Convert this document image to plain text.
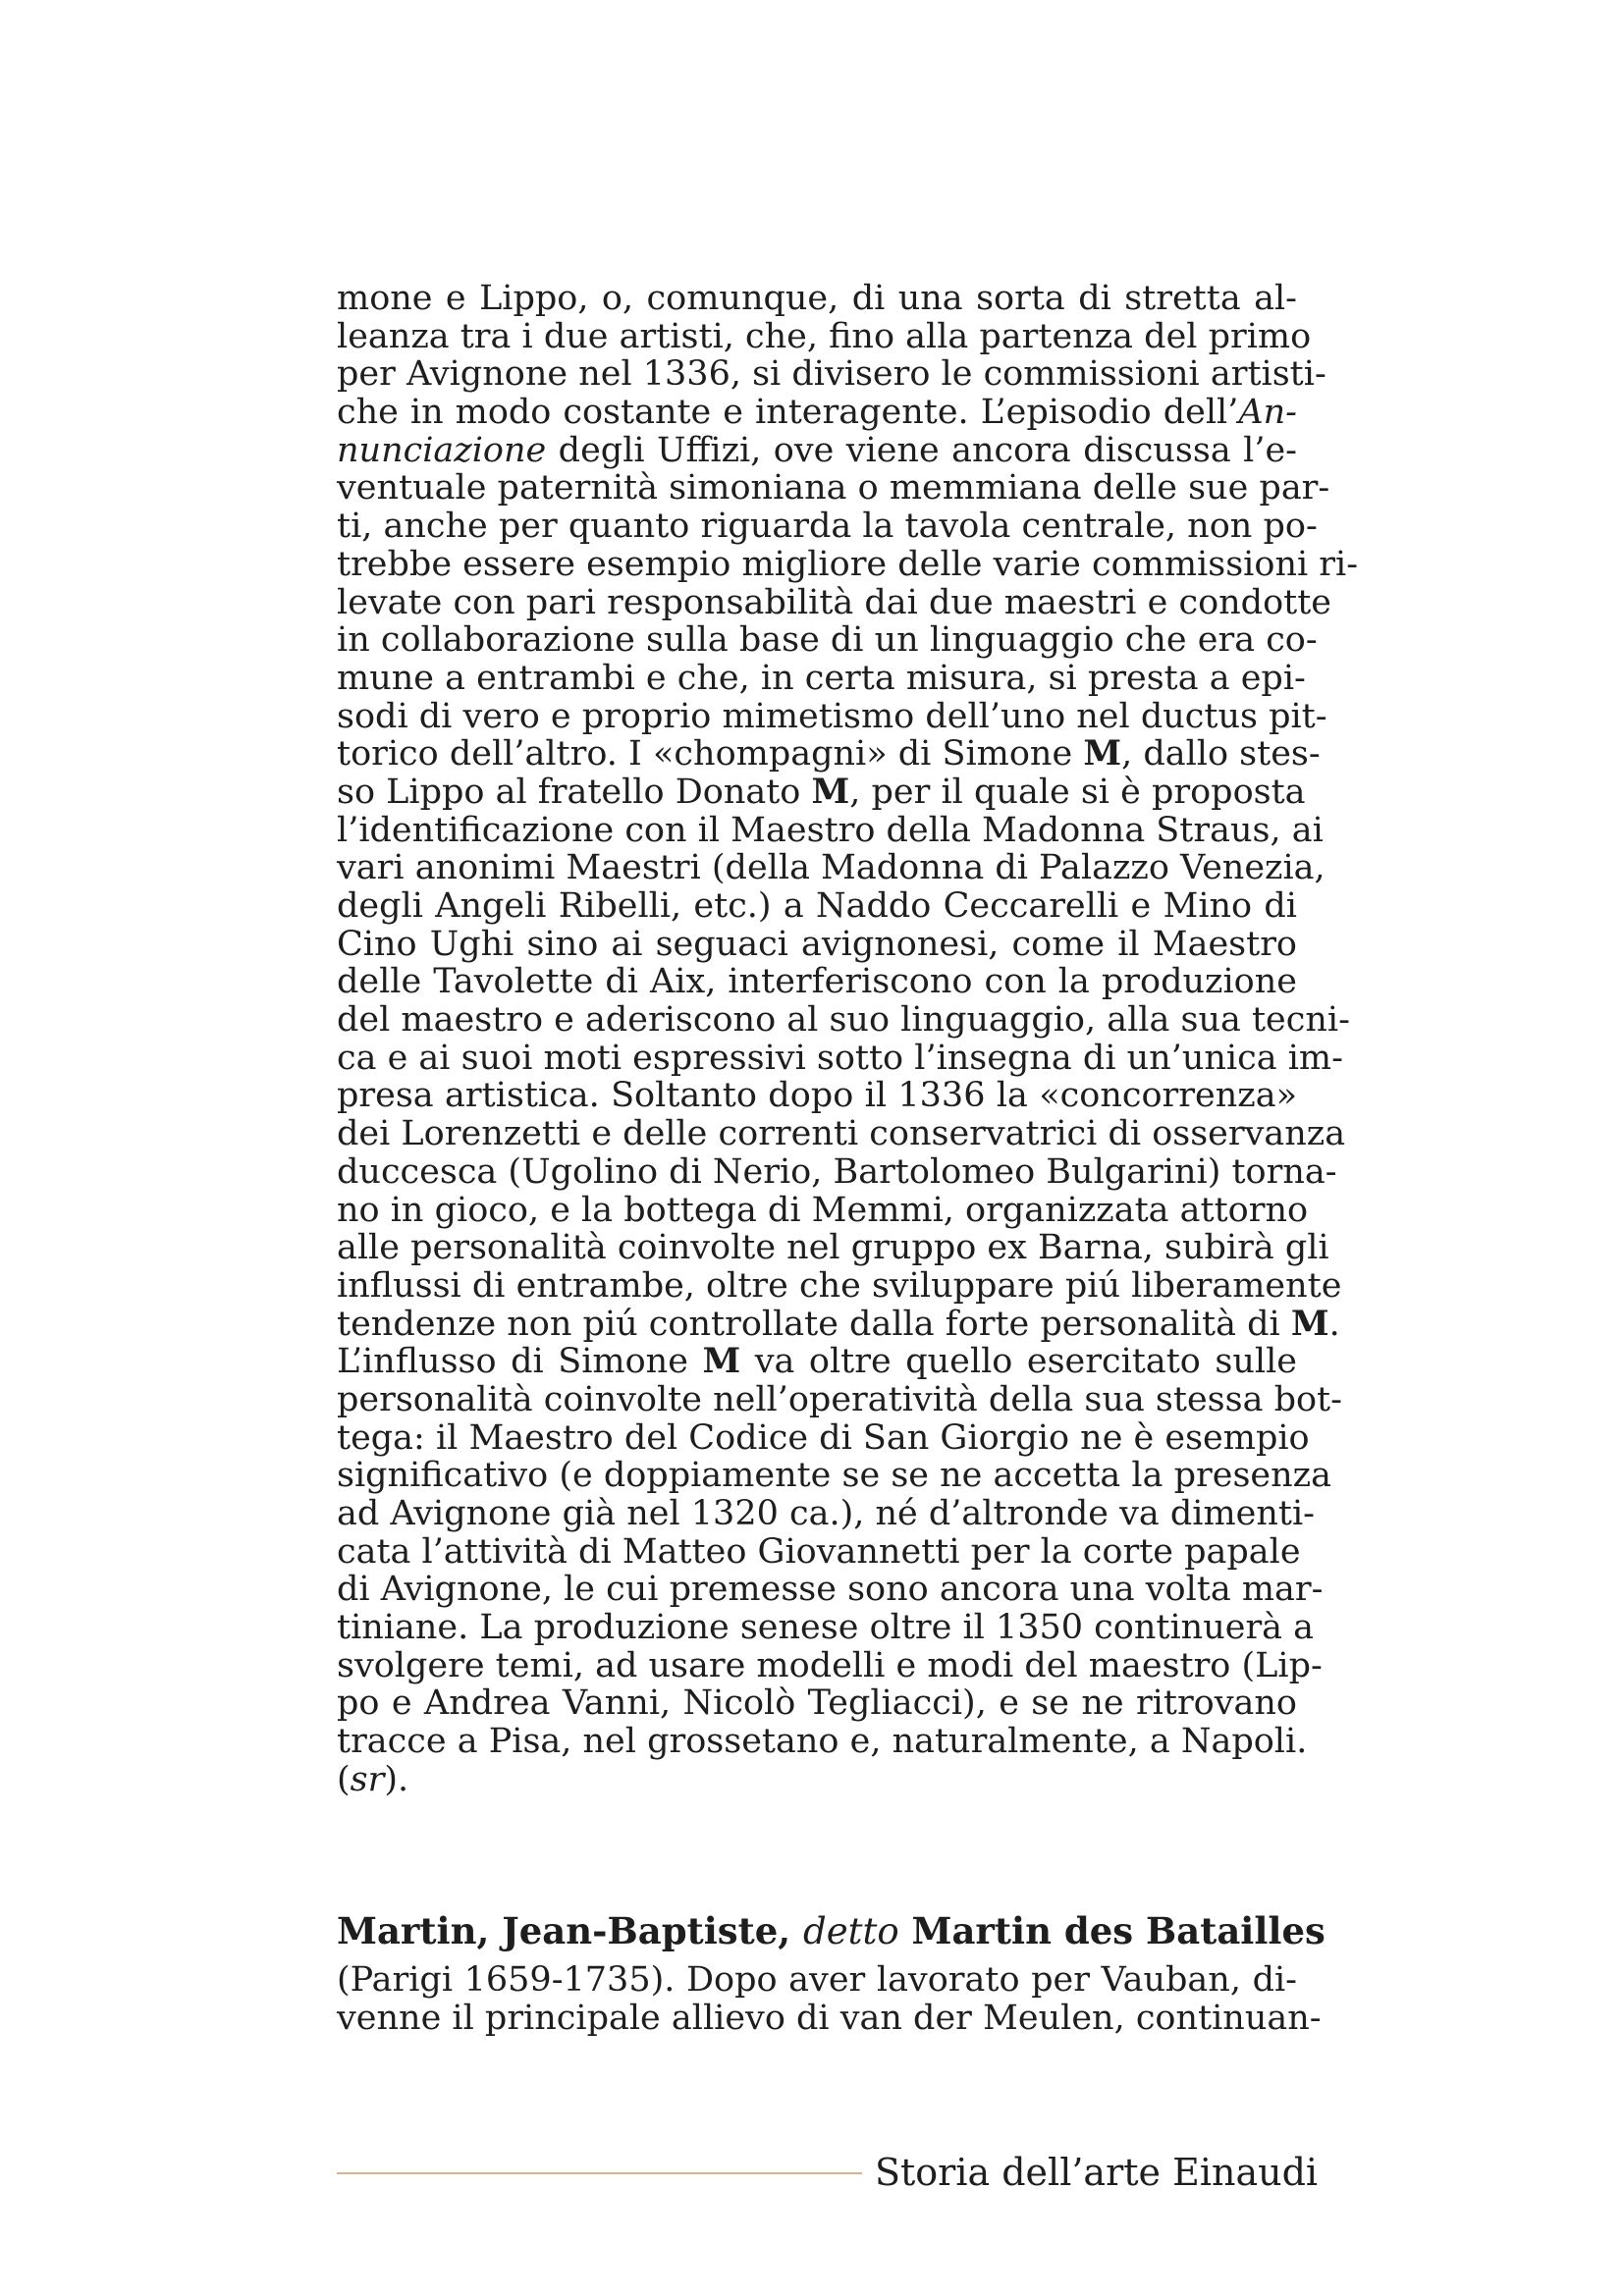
mone e Lippo, o, comunque, di una sorta di stretta al-
leanza tra i due artisti, che, fino alla partenza del primo
per Avignone nel 1336, si divisero le commissioni artisti-
che in modo costante e interagente. L’episodio dell’An-
nunciazione degli Uffizi, ove viene ancora discussa l’e-
ventuale paternità simoniana o memmiana delle sue par-
ti, anche per quanto riguarda la tavola centrale, non po-
trebbe essere esempio migliore delle varie commissioni ri-
levate con pari responsabilità dai due maestri e condotte
in collaborazione sulla base di un linguaggio che era co-
mune a entrambi e che, in certa misura, si presta a epi-
sodi di vero e proprio mimetismo dell’uno nel ductus pit-
torico dell’altro. I «chompagni» di Simone M, dallo stes-
so Lippo al fratello Donato M, per il quale si è proposta
l’identificazione con il Maestro della Madonna Straus, ai
vari anonimi Maestri (della Madonna di Palazzo Venezia,
degli Angeli Ribelli, etc.) a Naddo Ceccarelli e Mino di
Cino Ughi sino ai seguaci avignonesi, come il Maestro
delle Tavolette di Aix, interferiscono con la produzione
del maestro e aderiscono al suo linguaggio, alla sua tecni-
ca e ai suoi moti espressivi sotto l’insegna di un’unica im-
presa artistica. Soltanto dopo il 1336 la «concorrenza»
dei Lorenzetti e delle correnti conservatrici di osservanza
duccesca (Ugolino di Nerio, Bartolomeo Bulgarini) torna-
no in gioco, e la bottega di Memmi, organizzata attorno
alle personalità coinvolte nel gruppo ex Barna, subirà gli
influssi di entrambe, oltre che sviluppare piú liberamente
tendenze non piú controllate dalla forte personalità di M.
L’influsso di Simone M va oltre quello esercitato sulle
personalità coinvolte nell’operatività della sua stessa bot-
tega: il Maestro del Codice di San Giorgio ne è esempio
significativo (e doppiamente se se ne accetta la presenza
ad Avignone già nel 1320 ca.), né d’altronde va dimenti-
cata l’attività di Matteo Giovannetti per la corte papale
di Avignone, le cui premesse sono ancora una volta mar-
tiniane. La produzione senese oltre il 1350 continuerà a
svolgere temi, ad usare modelli e modi del maestro (Lip-
po e Andrea Vanni, Nicolò Tegliacci), e se ne ritrovano
tracce a Pisa, nel grossetano e, naturalmente, a Napoli.
(sr).
Martin, Jean-Baptiste, detto Martin des Batailles
(Parigi 1659-1735). Dopo aver lavorato per Vauban, di-
venne il principale allievo di van der Meulen, continuan-
Storia dell’arte Einaudi
